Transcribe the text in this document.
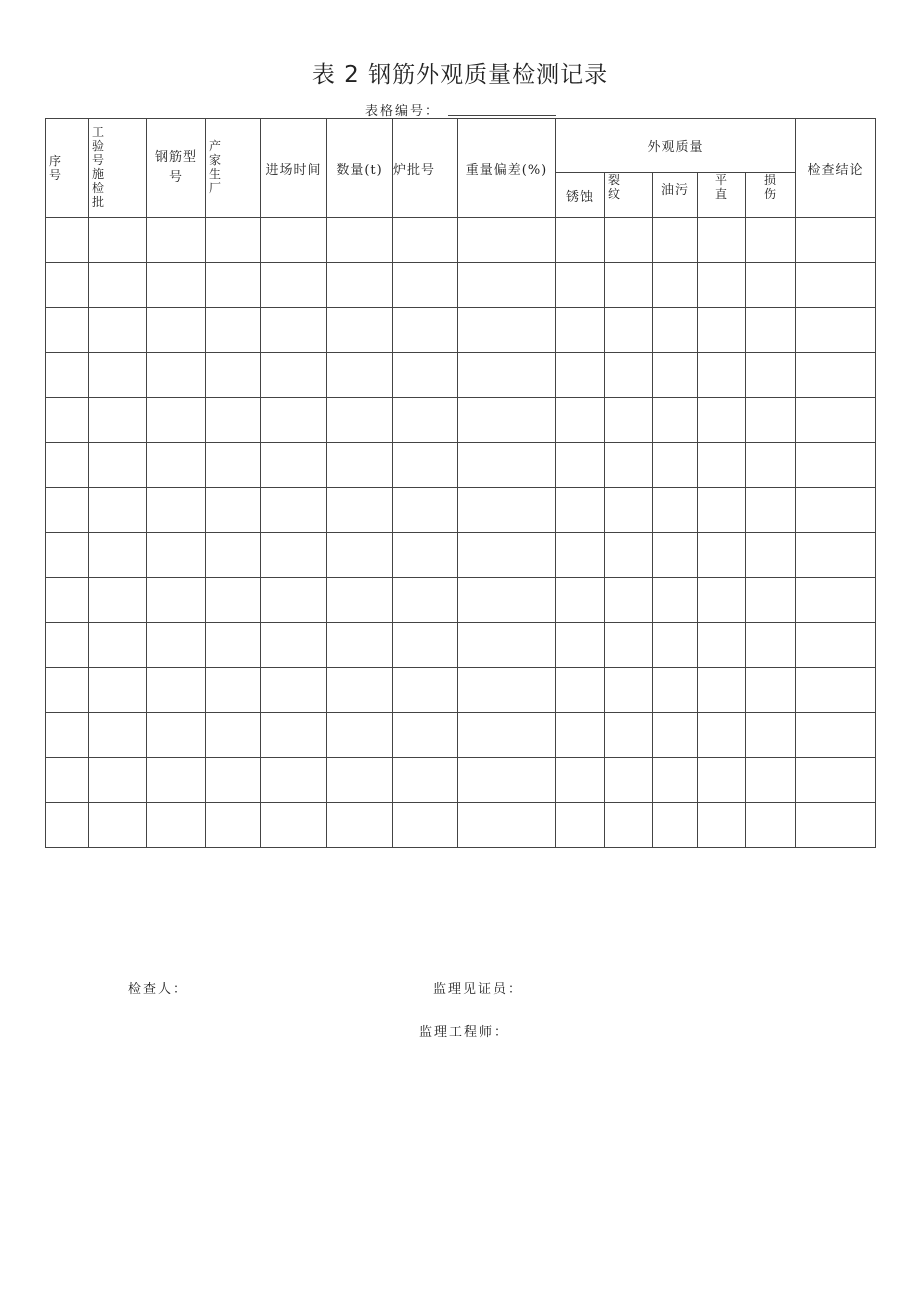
表 2 钢筋外观质量检测记录
表格编号：
序号	工验号施检批	钢筋型号	产家生厂	进场时间	数量(t)	炉批号	重量偏差(%)	外观质量					检查结论
								锈蚀	裂纹	油污	平直	损伤	

检查人：	监理见证员：
监理工程师：
